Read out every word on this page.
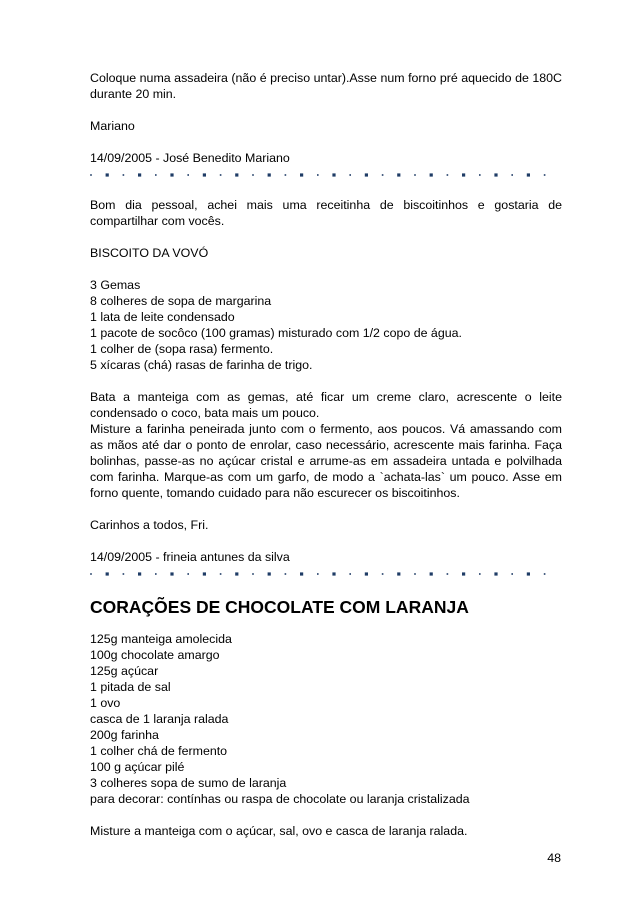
Coloque numa assadeira (não é preciso untar).Asse num forno pré aquecido de 180C durante 20 min.

Mariano

14/09/2005 - José Benedito Mariano

Bom dia pessoal, achei mais uma receitinha de biscoitinhos e gostaria de compartilhar com vocês.

BISCOITO DA VOVÓ

3 Gemas
8 colheres de sopa de margarina
1 lata de leite condensado
1 pacote de socôco (100 gramas) misturado com 1/2 copo de água.
1 colher de (sopa rasa) fermento.
5 xícaras (chá) rasas de farinha de trigo.

Bata a manteiga com as gemas, até ficar um creme claro, acrescente o leite condensado o coco, bata mais um pouco.

Misture a farinha peneirada junto com o fermento, aos poucos. Vá amassando com as mãos até dar o ponto de enrolar, caso necessário, acrescente mais farinha. Faça bolinhas, passe-as no açúcar cristal e arrume-as em assadeira untada e polvilhada com farinha. Marque-as com um garfo, de modo a `achata-las` um pouco. Asse em forno quente, tomando cuidado para não escurecer os biscoitinhos.

Carinhos a todos, Fri.

14/09/2005 - frineia antunes da silva

CORAÇÕES DE CHOCOLATE COM LARANJA

125g manteiga amolecida
100g chocolate amargo
125g açúcar
1 pitada de sal
1 ovo
casca de 1 laranja ralada
200g farinha
1 colher chá de fermento
100 g açúcar pilé
3 colheres sopa de sumo de laranja
para decorar: contínhas ou raspa de chocolate ou laranja cristalizada

Misture a manteiga com o açúcar, sal, ovo e casca de laranja ralada.

48
